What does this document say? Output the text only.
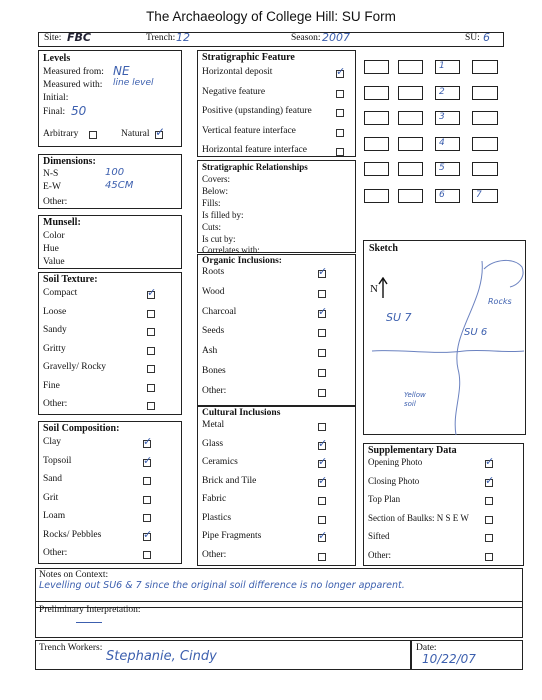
The Archaeology of College Hill: SU Form
Site: FBC	Trench: 12	Season: 2007	SU: 6
Levels
Measured from: NE
Measured with: line level
Initial:
Final: 50
Arbitrary	Natural ✓
Dimensions:
N-S	100
E-W	45CM
Other:
Munsell:
Color
Hue
Value
Soil Texture:
Compact	✓
Loose
Sandy
Gritty
Gravelly/ Rocky
Fine
Other:
Soil Composition:
Clay	✓
Topsoil	✓
Sand
Grit
Loam
Rocks/ Pebbles	✓
Other:
Stratigraphic Feature
Horizontal deposit	✓
Negative feature
Positive (upstanding) feature
Vertical feature interface
Horizontal feature interface
Stratigraphic Relationships
Covers:
Below:
Fills:
Is filled by:
Cuts:
Is cut by:
Correlates with:
Organic Inclusions:
Roots	✓
Wood
Charcoal	✓
Seeds
Ash
Bones
Other:
Cultural Inclusions
Metal
Glass	✓
Ceramics	✓
Brick and Tile	✓
Fabric
Plastics
Pipe Fragments	✓
Other:
1
2
3
4
5
6	7
Sketch
N
SU 7
SU 6
Rocks
Yellow soil
Supplementary Data
Opening Photo	✓
Closing Photo	✓
Top Plan
Section of Baulks: N S E W
Sifted
Other:
Notes on Context:
Levelling out SU6 & 7 since the original soil difference is no longer apparent.
Preliminary Interpretation:
Trench Workers:
Stephanie, Cindy
Date:
10/22/07
